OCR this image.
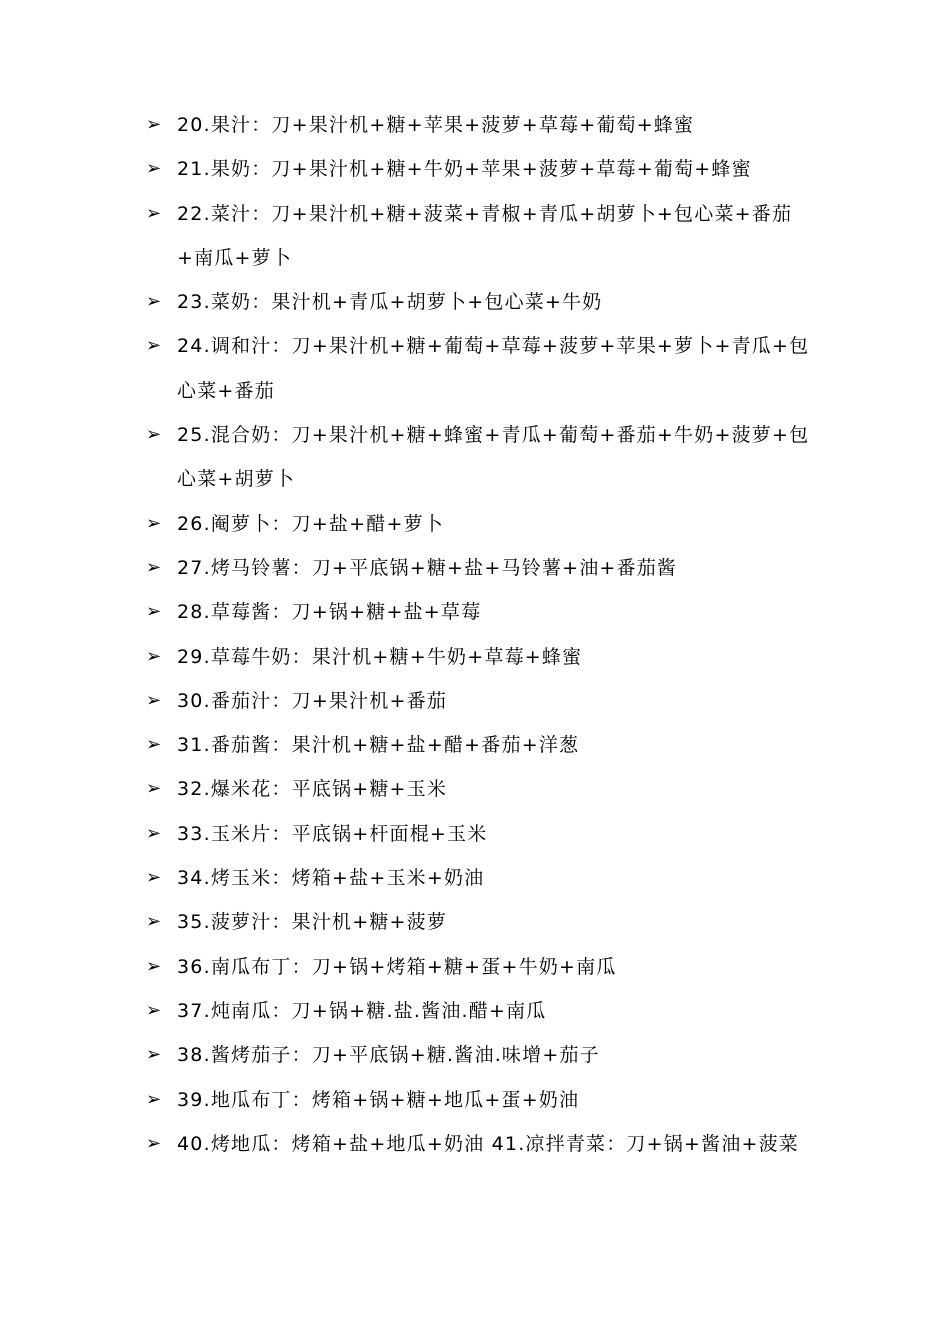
➢ 20.果汁：刀+果汁机+糖+苹果+菠萝+草莓+葡萄+蜂蜜
➢ 21.果奶：刀+果汁机+糖+牛奶+苹果+菠萝+草莓+葡萄+蜂蜜
➢ 22.菜汁：刀+果汁机+糖+菠菜+青椒+青瓜+胡萝卜+包心菜+番茄+南瓜+萝卜
➢ 23.菜奶：果汁机+青瓜+胡萝卜+包心菜+牛奶
➢ 24.调和汁：刀+果汁机+糖+葡萄+草莓+菠萝+苹果+萝卜+青瓜+包心菜+番茄
➢ 25.混合奶：刀+果汁机+糖+蜂蜜+青瓜+葡萄+番茄+牛奶+菠萝+包心菜+胡萝卜
➢ 26.阉萝卜：刀+盐+醋+萝卜
➢ 27.烤马铃薯：刀+平底锅+糖+盐+马铃薯+油+番茄酱
➢ 28.草莓酱：刀+锅+糖+盐+草莓
➢ 29.草莓牛奶：果汁机+糖+牛奶+草莓+蜂蜜
➢ 30.番茄汁：刀+果汁机+番茄
➢ 31.番茄酱：果汁机+糖+盐+醋+番茄+洋葱
➢ 32.爆米花：平底锅+糖+玉米
➢ 33.玉米片：平底锅+杆面棍+玉米
➢ 34.烤玉米：烤箱+盐+玉米+奶油
➢ 35.菠萝汁：果汁机+糖+菠萝
➢ 36.南瓜布丁：刀+锅+烤箱+糖+蛋+牛奶+南瓜
➢ 37.炖南瓜：刀+锅+糖.盐.酱油.醋+南瓜
➢ 38.酱烤茄子：刀+平底锅+糖.酱油.味增+茄子
➢ 39.地瓜布丁：烤箱+锅+糖+地瓜+蛋+奶油
➢ 40.烤地瓜：烤箱+盐+地瓜+奶油 41.凉拌青菜：刀+锅+酱油+菠菜
